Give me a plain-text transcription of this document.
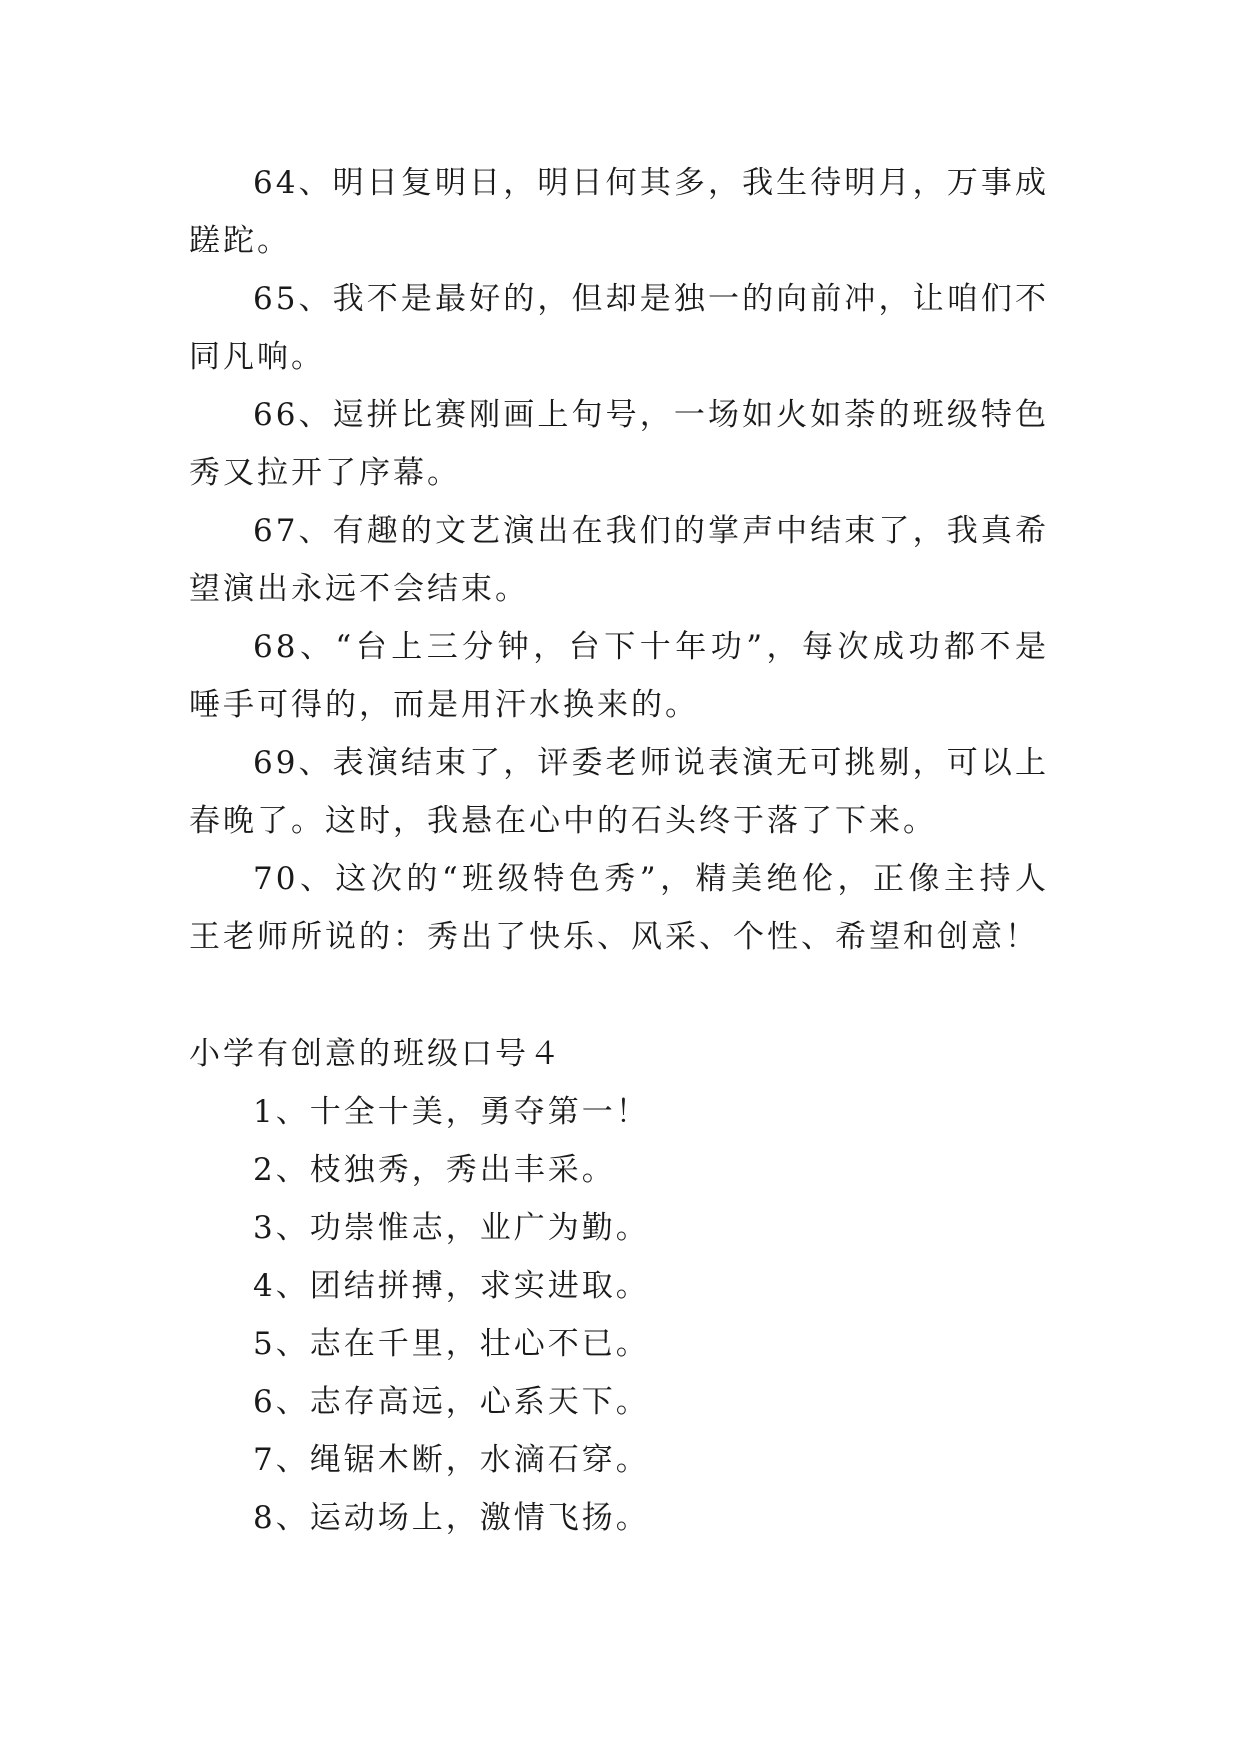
64、明日复明日，明日何其多，我生待明月，万事成蹉跎。

65、我不是最好的，但却是独一的向前冲，让咱们不同凡响。

66、逗拼比赛刚画上句号，一场如火如荼的班级特色秀又拉开了序幕。

67、有趣的文艺演出在我们的掌声中结束了，我真希望演出永远不会结束。

68、“台上三分钟，台下十年功”，每次成功都不是唾手可得的，而是用汗水换来的。

69、表演结束了，评委老师说表演无可挑剔，可以上春晚了。这时，我悬在心中的石头终于落了下来。

70、这次的“班级特色秀”，精美绝伦，正像主持人王老师所说的：秀出了快乐、风采、个性、希望和创意！

小学有创意的班级口号４

1、十全十美，勇夺第一！

2、枝独秀，秀出丰采。

3、功崇惟志，业广为勤。

4、团结拼搏，求实进取。

5、志在千里，壮心不已。

6、志存高远，心系天下。

7、绳锯木断，水滴石穿。

8、运动场上，激情飞扬。
